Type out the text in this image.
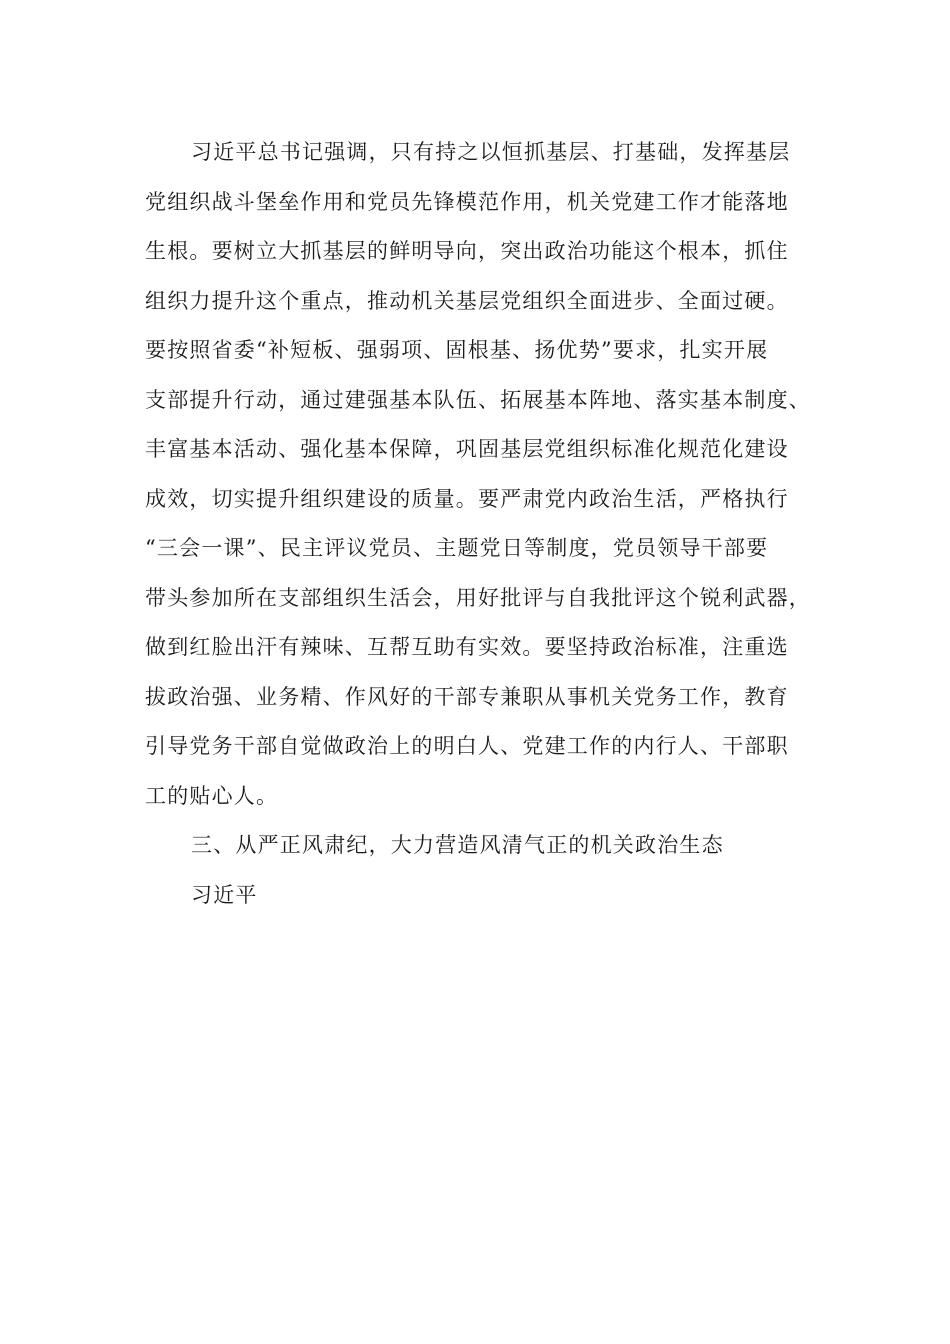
习近平总书记强调，只有持之以恒抓基层、打基础，发挥基层
党组织战斗堡垒作用和党员先锋模范作用，机关党建工作才能落地
生根。要树立大抓基层的鲜明导向，突出政治功能这个根本，抓住
组织力提升这个重点，推动机关基层党组织全面进步、全面过硬。
要按照省委“补短板、强弱项、固根基、扬优势”要求，扎实开展
支部提升行动，通过建强基本队伍、拓展基本阵地、落实基本制度、
丰富基本活动、强化基本保障，巩固基层党组织标准化规范化建设
成效，切实提升组织建设的质量。要严肃党内政治生活，严格执行
“三会一课”、民主评议党员、主题党日等制度，党员领导干部要
带头参加所在支部组织生活会，用好批评与自我批评这个锐利武器，
做到红脸出汗有辣味、互帮互助有实效。要坚持政治标准，注重选
拔政治强、业务精、作风好的干部专兼职从事机关党务工作，教育
引导党务干部自觉做政治上的明白人、党建工作的内行人、干部职
工的贴心人。
三、从严正风肃纪，大力营造风清气正的机关政治生态
习近平
